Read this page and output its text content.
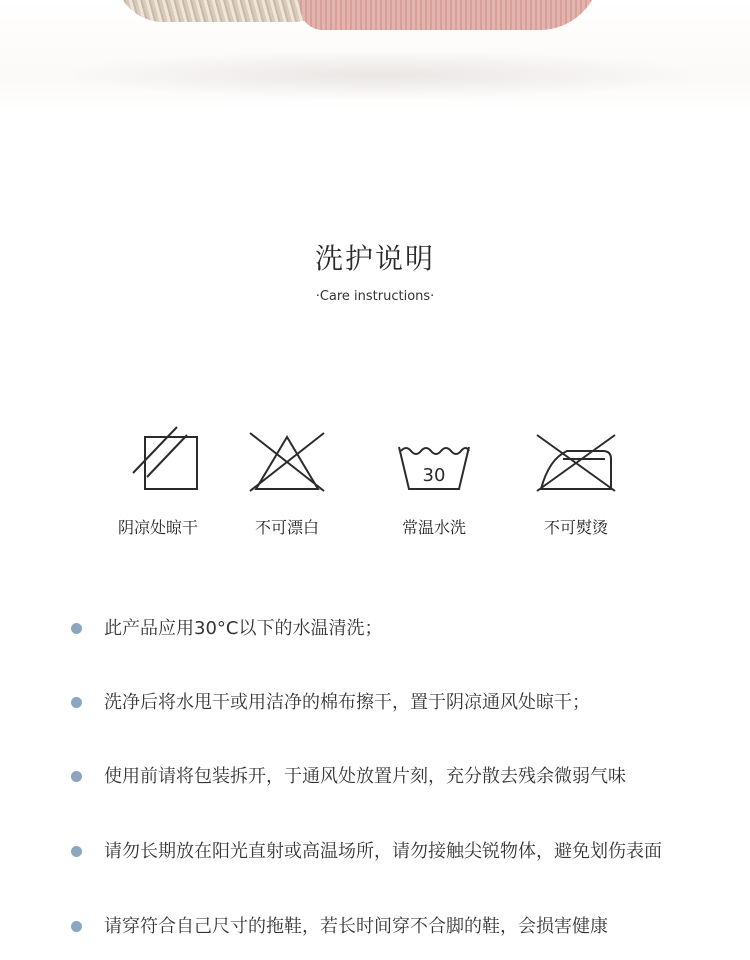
洗护说明
·Care instructions·
阴凉处晾干	不可漂白
30
常温水洗	不可熨烫
此产品应用30°C以下的水温清洗；
洗净后将水甩干或用洁净的棉布擦干，置于阴凉通风处晾干；
使用前请将包装拆开，于通风处放置片刻，充分散去残余微弱气味
请勿长期放在阳光直射或高温场所，请勿接触尖锐物体，避免划伤表面
请穿符合自己尺寸的拖鞋，若长时间穿不合脚的鞋，会损害健康
